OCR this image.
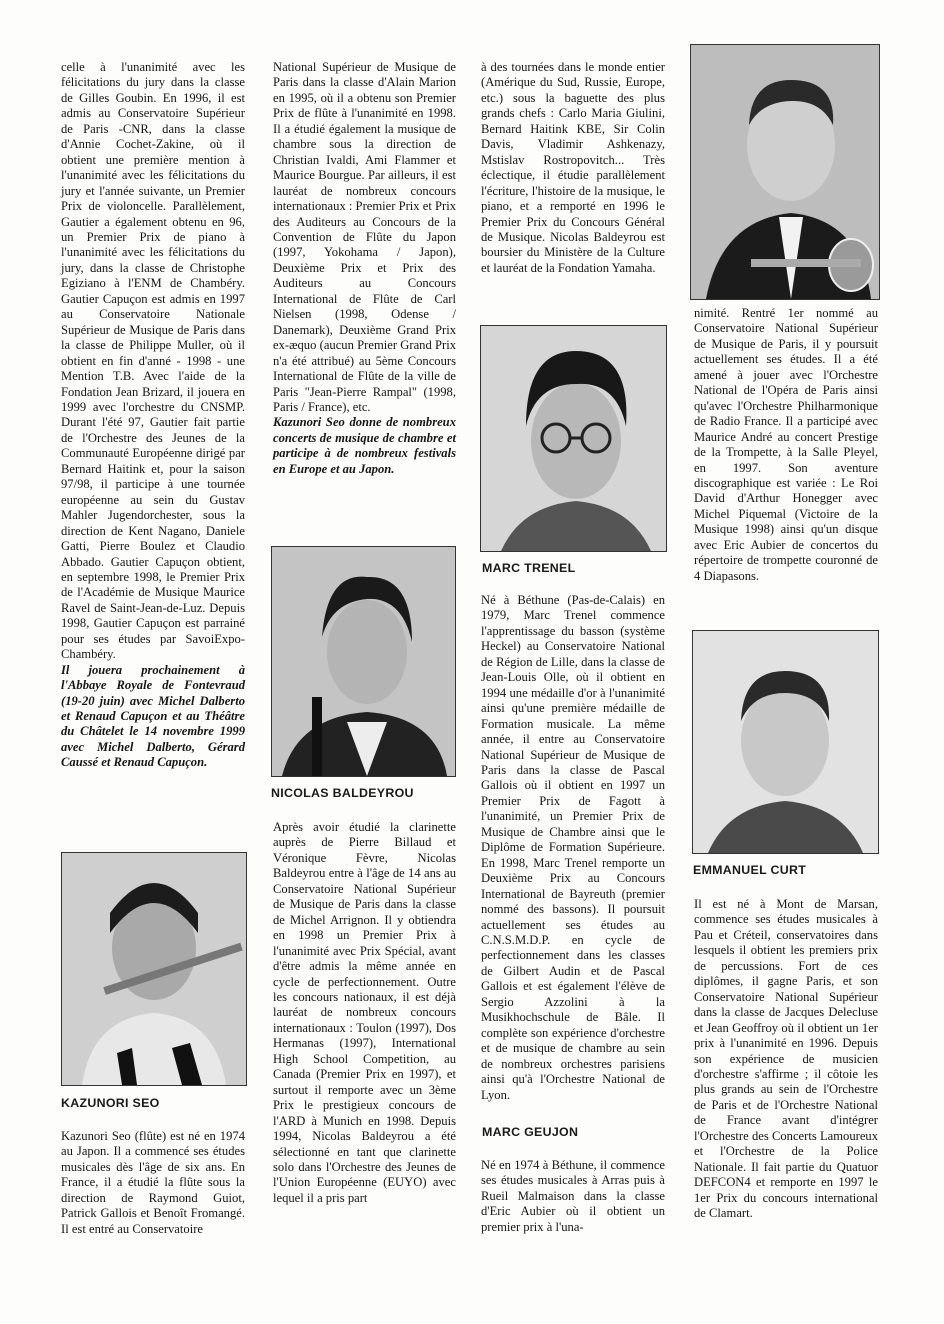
celle à l'unanimité avec les félicitations du jury dans la classe de Gilles Goubin. En 1996, il est admis au Conservatoire Supérieur de Paris -CNR, dans la classe d'Annie Cochet-Zakine, où il obtient une première mention à l'unanimité avec les félicitations du jury et l'année suivante, un Premier Prix de violoncelle. Parallèlement, Gautier a également obtenu en 96, un Premier Prix de piano à l'unanimité avec les félicitations du jury, dans la classe de Christophe Egiziano à l'ENM de Chambéry. Gautier Capuçon est admis en 1997 au Conservatoire Nationale Supérieur de Musique de Paris dans la classe de Philippe Muller, où il obtient en fin d'anné - 1998 - une Mention T.B. Avec l'aide de la Fondation Jean Brizard, il jouera en 1999 avec l'orchestre du CNSMP. Durant l'été 97, Gautier fait partie de l'Orchestre des Jeunes de la Communauté Européenne dirigé par Bernard Haitink et, pour la saison 97/98, il participe à une tournée européenne au sein du Gustav Mahler Jugendorchester, sous la direction de Kent Nagano, Daniele Gatti, Pierre Boulez et Claudio Abbado. Gautier Capuçon obtient, en septembre 1998, le Premier Prix de l'Académie de Musique Maurice Ravel de Saint-Jean-de-Luz. Depuis 1998, Gautier Capuçon est parrainé pour ses études par SavoiExpo-Chambéry.

Il jouera prochainement à l'Abbaye Royale de Fontevraud (19-20 juin) avec Michel Dalberto et Renaud Capuçon et au Théâtre du Châtelet le 14 novembre 1999 avec Michel Dalberto, Gérard Caussé et Renaud Capuçon.

KAZUNORI SEO

Kazunori Seo (flûte) est né en 1974 au Japon. Il a commencé ses études musicales dès l'âge de six ans. En France, il a étudié la flûte sous la direction de Raymond Guiot, Patrick Gallois et Benoît Fromangé. Il est entré au Conservatoire

National Supérieur de Musique de Paris dans la classe d'Alain Marion en 1995, où il a obtenu son Premier Prix de flûte à l'unanimité en 1998. Il a étudié également la musique de chambre sous la direction de Christian Ivaldi, Ami Flammer et Maurice Bourgue. Par ailleurs, il est lauréat de nombreux concours internationaux : Premier Prix et Prix des Auditeurs au Concours de la Convention de Flûte du Japon (1997, Yokohama / Japon), Deuxième Prix et Prix des Auditeurs au Concours International de Flûte de Carl Nielsen (1998, Odense / Danemark), Deuxième Grand Prix ex-æquo (aucun Premier Grand Prix n'a été attribué) au 5ème Concours International de Flûte de la ville de Paris "Jean-Pierre Rampal" (1998, Paris / France), etc.

Kazunori Seo donne de nombreux concerts de musique de chambre et participe à de nombreux festivals en Europe et au Japon.

NICOLAS BALDEYROU

Après avoir étudié la clarinette auprès de Pierre Billaud et Véronique Fèvre, Nicolas Baldeyrou entre à l'âge de 14 ans au Conservatoire National Supérieur de Musique de Paris dans la classe de Michel Arrignon. Il y obtiendra en 1998 un Premier Prix à l'unanimité avec Prix Spécial, avant d'être admis la même année en cycle de perfectionnement. Outre les concours nationaux, il est déjà lauréat de nombreux concours internationaux : Toulon (1997), Dos Hermanas (1997), International High School Competition, au Canada (Premier Prix en 1997), et surtout il remporte avec un 3ème Prix le prestigieux concours de l'ARD à Munich en 1998. Depuis 1994, Nicolas Baldeyrou a été sélectionné en tant que clarinette solo dans l'Orchestre des Jeunes de l'Union Européenne (EUYO) avec lequel il a pris part

à des tournées dans le monde entier (Amérique du Sud, Russie, Europe, etc.) sous la baguette des plus grands chefs : Carlo Maria Giulini, Bernard Haitink KBE, Sir Colin Davis, Vladimir Ashkenazy, Mstislav Rostropovitch... Très éclectique, il étudie parallèlement l'écriture, l'histoire de la musique, le piano, et a remporté en 1996 le Premier Prix du Concours Général de Musique. Nicolas Baldeyrou est boursier du Ministère de la Culture et lauréat de la Fondation Yamaha.

MARC TRENEL

Né à Béthune (Pas-de-Calais) en 1979, Marc Trenel commence l'apprentissage du basson (système Heckel) au Conservatoire National de Région de Lille, dans la classe de Jean-Louis Olle, où il obtient en 1994 une médaille d'or à l'unanimité ainsi qu'une première médaille de Formation musicale. La même année, il entre au Conservatoire National Supérieur de Musique de Paris dans la classe de Pascal Gallois où il obtient en 1997 un Premier Prix de Fagott à l'unanimité, un Premier Prix de Musique de Chambre ainsi que le Diplôme de Formation Supérieure. En 1998, Marc Trenel remporte un Deuxième Prix au Concours International de Bayreuth (premier nommé des bassons). Il poursuit actuellement ses études au C.N.S.M.D.P. en cycle de perfectionnement dans les classes de Gilbert Audin et de Pascal Gallois et est également l'élève de Sergio Azzolini à la Musikhochschule de Bâle. Il complète son expérience d'orchestre et de musique de chambre au sein de nombreux orchestres parisiens ainsi qu'à l'Orchestre National de Lyon.

MARC GEUJON

Né en 1974 à Béthune, il commence ses études musicales à Arras puis à Rueil Malmaison dans la classe d'Eric Aubier où il obtient un premier prix à l'una-

nimité. Rentré 1er nommé au Conservatoire National Supérieur de Musique de Paris, il y poursuit actuellement ses études. Il a été amené à jouer avec l'Orchestre National de l'Opéra de Paris ainsi qu'avec l'Orchestre Philharmonique de Radio France. Il a participé avec Maurice André au concert Prestige de la Trompette, à la Salle Pleyel, en 1997. Son aventure discographique est variée : Le Roi David d'Arthur Honegger avec Michel Piquemal (Victoire de la Musique 1998) ainsi qu'un disque avec Eric Aubier de concertos du répertoire de trompette couronné de 4 Diapasons.

EMMANUEL CURT

Il est né à Mont de Marsan, commence ses études musicales à Pau et Créteil, conservatoires dans lesquels il obtient les premiers prix de percussions. Fort de ces diplômes, il gagne Paris, et son Conservatoire National Supérieur dans la classe de Jacques Delecluse et Jean Geoffroy où il obtient un 1er prix à l'unanimité en 1996. Depuis son expérience de musicien d'orchestre s'affirme ; il côtoie les plus grands au sein de l'Orchestre de Paris et de l'Orchestre National de France avant d'intégrer l'Orchestre des Concerts Lamoureux et l'Orchestre de la Police Nationale. Il fait partie du Quatuor DEFCON4 et remporte en 1997 le 1er Prix du concours international de Clamart.
